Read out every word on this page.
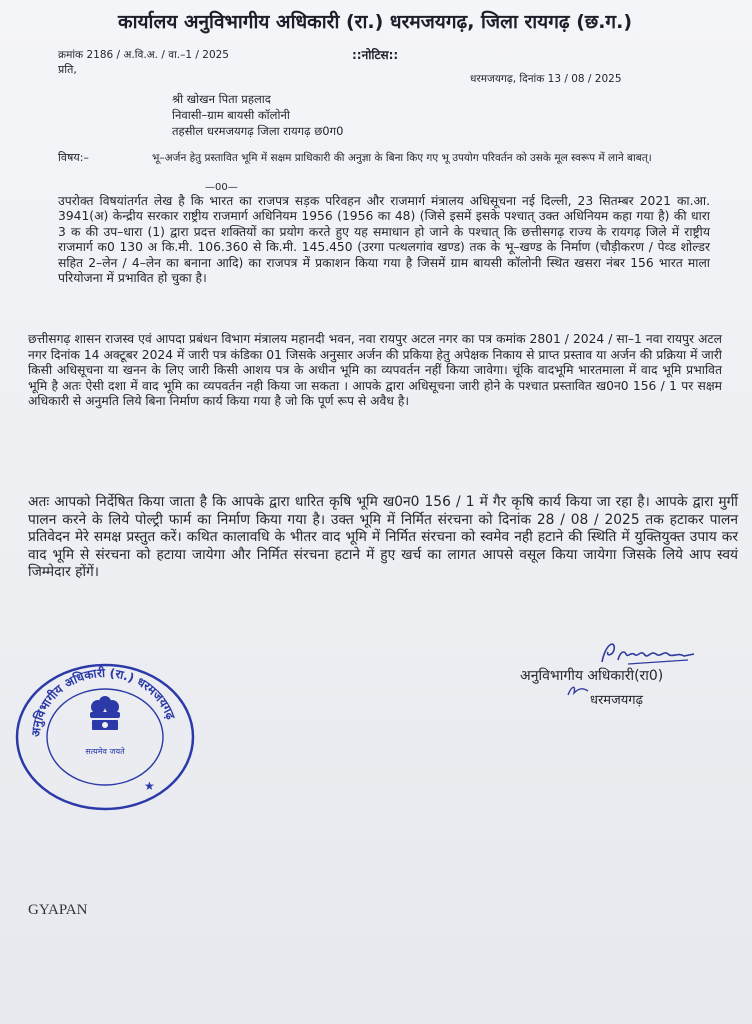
कार्यालय अनुविभागीय अधिकारी (रा.) धरमजयगढ़, जिला रायगढ़ (छ.ग.)
क्रमांक 2186 / अ.वि.अ. / वा.–1 / 2025	::नोटिस::
प्रति,
धरमजयगढ़, दिनांक 13 / 08 / 2025
श्री खोखन पिता प्रहलाद
निवासी–ग्राम बायसी कॉलोनी
तहसील धरमजयगढ़ जिला रायगढ़ छ0ग0
विषय:–	भू–अर्जन हेतु प्रस्तावित भूमि में सक्षम प्राधिकारी की अनुज्ञा के बिना किए गए भू उपयोग परिवर्तन को उसके मूल स्वरूप में लाने बाबत्।
—00—
उपरोक्त विषयांतर्गत लेख है कि भारत का राजपत्र सड़क परिवहन और राजमार्ग मंत्रालय अधिसूचना नई दिल्ली, 23 सितम्बर 2021 का.आ. 3941(अ) केन्द्रीय सरकार राष्ट्रीय राजमार्ग अधिनियम 1956 (1956 का 48) (जिसे इसमें इसके पश्चात् उक्त अधिनियम कहा गया है) की धारा 3 क की उप–धारा (1) द्वारा प्रदत्त शक्तियों का प्रयोग करते हुए यह समाधान हो जाने के पश्चात् कि छत्तीसगढ़ राज्य के रायगढ़ जिले में राष्ट्रीय राजमार्ग क0 130 अ कि.मी. 106.360 से कि.मी. 145.450 (उरगा पत्थलगांव खण्ड) तक के भू–खण्ड के निर्माण (चौड़ीकरण / पेव्ड शोल्डर सहित 2–लेन / 4–लेन का बनाना आदि) का राजपत्र में प्रकाशन किया गया है जिसमें ग्राम बायसी कॉलोनी स्थित खसरा नंबर 156 भारत माला परियोजना में प्रभावित हो चुका है।
छत्तीसगढ़ शासन राजस्व एवं आपदा प्रबंधन विभाग मंत्रालय महानदी भवन, नवा रायपुर अटल नगर का पत्र कमांक 2801 / 2024 / सा–1 नवा रायपुर अटल नगर दिनांक 14 अक्टूबर 2024 में जारी पत्र कंडिका 01 जिसके अनुसार अर्जन की प्रकिया हेतु अपेक्षक निकाय से प्राप्त प्रस्ताव या अर्जन की प्रक्रिया में जारी किसी अधिसूचना या खनन के लिए जारी किसी आशय पत्र के अधीन भूमि का व्यपवर्तन नहीं किया जावेगा। चूंकि वादभूमि भारतमाला में वाद भूमि प्रभावित भूमि है अतः ऐसी दशा में वाद भूमि का व्यपवर्तन नही किया जा सकता । आपके द्वारा अधिसूचना जारी होने के पश्चात प्रस्तावित ख0न0 156 / 1 पर सक्षम अधिकारी से अनुमति लिये बिना निर्माण कार्य किया गया है जो कि पूर्ण रूप से अवैध है।
अतः आपको निर्देषित किया जाता है कि आपके द्वारा धारित कृषि भूमि ख0न0 156 / 1 में गैर कृषि कार्य किया जा रहा है। आपके द्वारा मुर्गी पालन करने के लिये पोल्ट्री फार्म का निर्माण किया गया है। उक्त भूमि में निर्मित संरचना को दिनांक 28 / 08 / 2025 तक हटाकर पालन प्रतिवेदन मेरे समक्ष प्रस्तुत करें। कथित कालावधि के भीतर वाद भूमि में निर्मित संरचना को स्वमेव नही हटाने की स्थिति में युक्तियुक्त उपाय कर वाद भूमि से संरचना को हटाया जायेगा और निर्मित संरचना हटाने में हुए खर्च का लागत आपसे वसूल किया जायेगा जिसके लिये आप स्वयं जिम्मेदार होंगें।
अनुविभागीय अधिकारी(रा0)
धरमजयगढ़
अनुविभागीय अधिकारी (रा.) धरमजयगढ़
सत्यमेव जयते
★
GYAPAN
